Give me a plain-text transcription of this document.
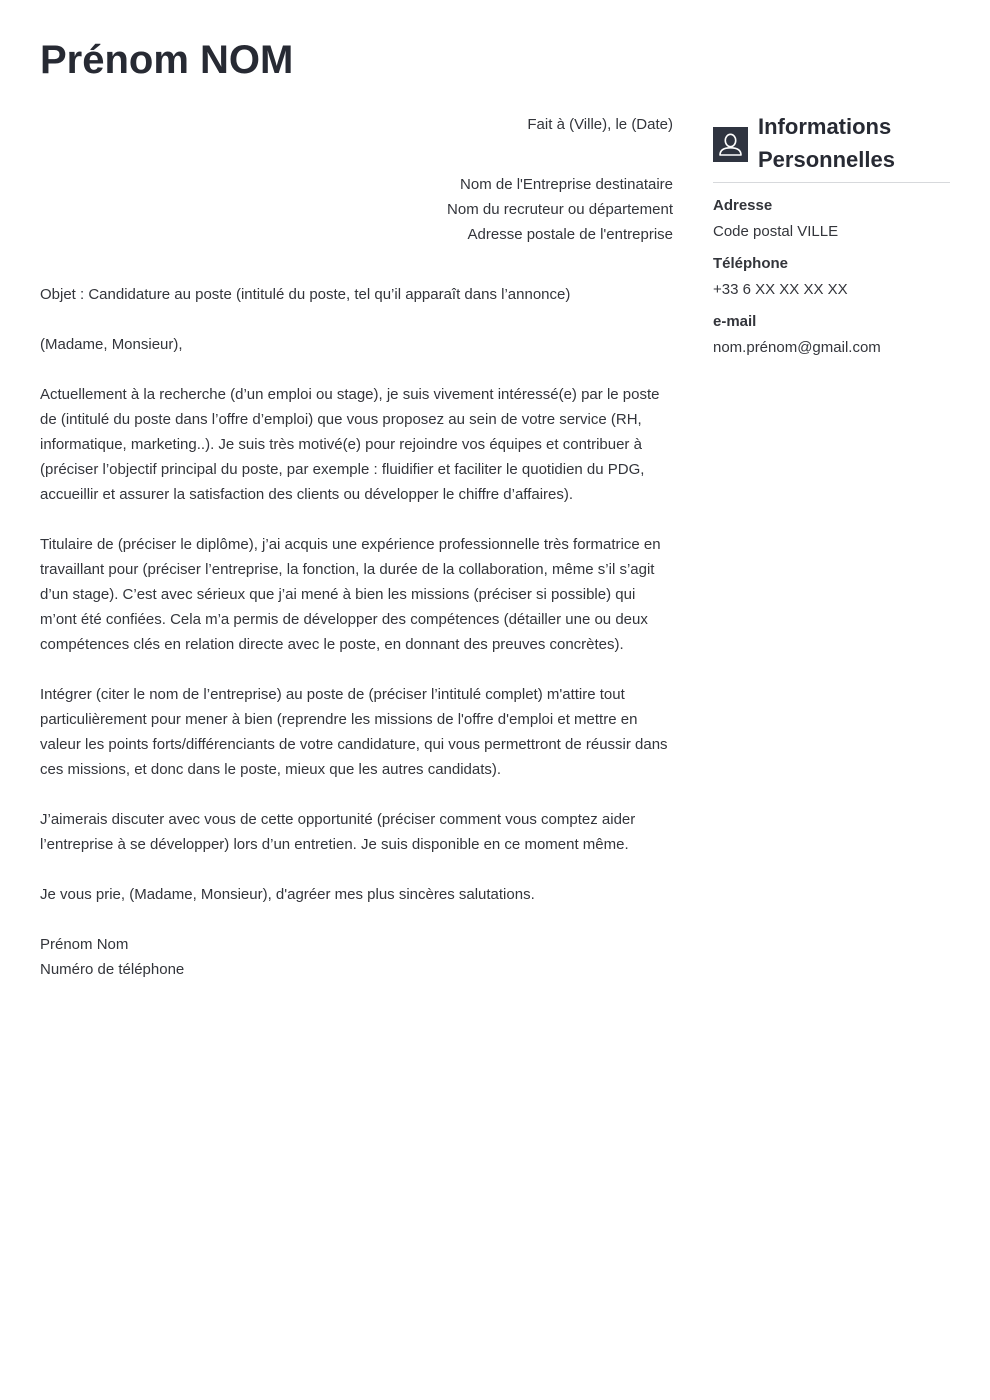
Prénom NOM
Fait à (Ville), le (Date)
Nom de l'Entreprise destinataire
Nom du recruteur ou département
Adresse postale de l'entreprise

Objet : Candidature au poste (intitulé du poste, tel qu’il apparaît dans l’annonce)

(Madame, Monsieur),

Actuellement à la recherche (d’un emploi ou stage), je suis vivement intéressé(e) par le poste de (intitulé du poste dans l’offre d’emploi) que vous proposez au sein de votre service (RH, informatique, marketing..). Je suis très motivé(e) pour rejoindre vos équipes et contribuer à (préciser l’objectif principal du poste, par exemple : fluidifier et faciliter le quotidien du PDG, accueillir et assurer la satisfaction des clients ou développer le chiffre d’affaires).

Titulaire de (préciser le diplôme), j’ai acquis une expérience professionnelle très formatrice en travaillant pour (préciser l’entreprise, la fonction, la durée de la collaboration, même s’il s’agit d’un stage). C’est avec sérieux que j’ai mené à bien les missions (préciser si possible) qui m’ont été confiées. Cela m’a permis de développer des compétences (détailler une ou deux compétences clés en relation directe avec le poste, en donnant des preuves concrètes).

Intégrer (citer le nom de l’entreprise) au poste de (préciser l’intitulé complet) m'attire tout particulièrement pour mener à bien (reprendre les missions de l'offre d'emploi et mettre en valeur les points forts/différenciants de votre candidature, qui vous permettront de réussir dans ces missions, et donc dans le poste, mieux que les autres candidats).

J’aimerais discuter avec vous de cette opportunité (préciser comment vous comptez aider l’entreprise à se développer) lors d’un entretien. Je suis disponible en ce moment même.

Je vous prie, (Madame, Monsieur), d'agréer mes plus sincères salutations.

Prénom Nom
Numéro de téléphone
Informations
Personnelles
Adresse
Code postal VILLE
Téléphone
+33 6 XX XX XX XX
e-mail
nom.prénom@gmail.com
